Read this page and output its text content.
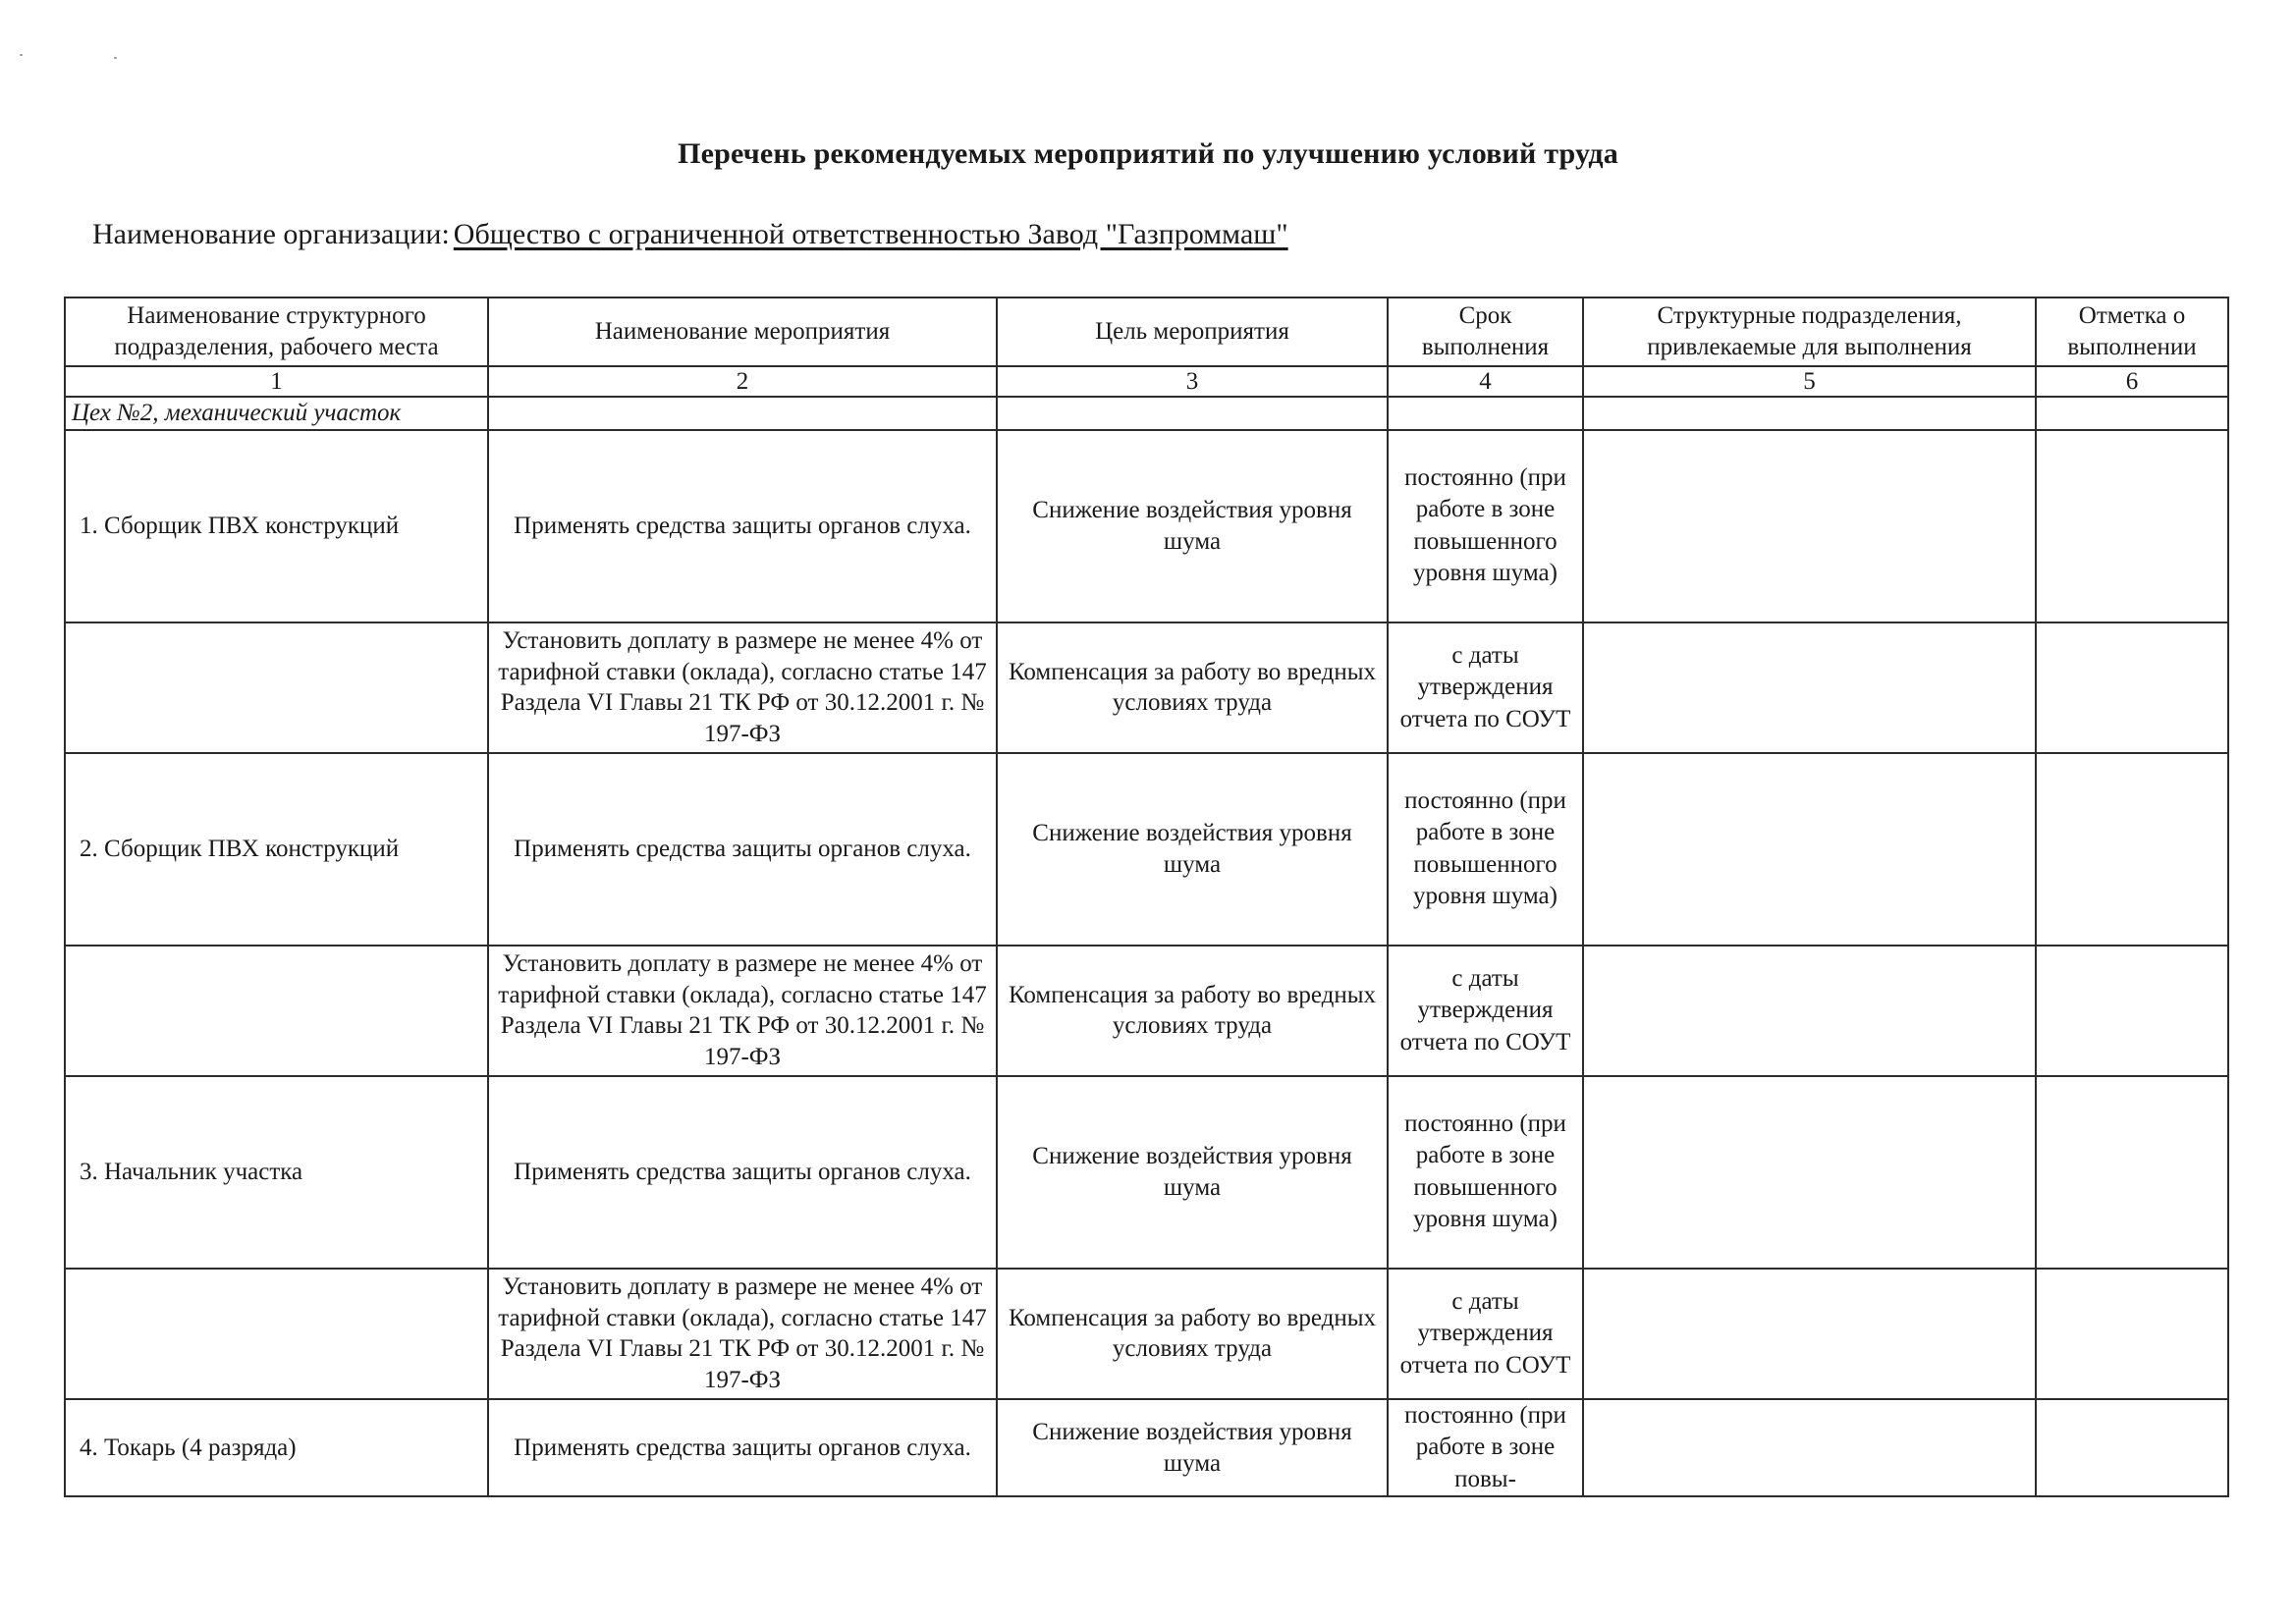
Перечень рекомендуемых мероприятий по улучшению условий труда
Наименование организации: Общество с ограниченной ответственностью Завод "Газпроммаш"
Наименование структурного подразделения, рабочего места	Наименование мероприятия	Цель мероприятия	Срок выполнения	Структурные подразделения, привлекаемые для выполнения	Отметка о выполнении
1	2	3	4	5	6
Цех №2, механический участок					
1. Сборщик ПВХ конструкций	Применять средства защиты органов слуха.	Снижение воздействия уровня шума	постоянно (при работе в зоне повышенного уровня шума)		
	Установить доплату в размере не менее 4% от тарифной ставки (оклада), согласно статье 147 Раздела VI Главы 21 ТК РФ от 30.12.2001 г. № 197-ФЗ	Компенсация за работу во вредных условиях труда	с даты утверждения отчета по СОУТ		
2. Сборщик ПВХ конструкций	Применять средства защиты органов слуха.	Снижение воздействия уровня шума	постоянно (при работе в зоне повышенного уровня шума)		
	Установить доплату в размере не менее 4% от тарифной ставки (оклада), согласно статье 147 Раздела VI Главы 21 ТК РФ от 30.12.2001 г. № 197-ФЗ	Компенсация за работу во вредных условиях труда	с даты утверждения отчета по СОУТ		
3. Начальник участка	Применять средства защиты органов слуха.	Снижение воздействия уровня шума	постоянно (при работе в зоне повышенного уровня шума)		
	Установить доплату в размере не менее 4% от тарифной ставки (оклада), согласно статье 147 Раздела VI Главы 21 ТК РФ от 30.12.2001 г. № 197-ФЗ	Компенсация за работу во вредных условиях труда	с даты утверждения отчета по СОУТ		
4. Токарь (4 разряда)	Применять средства защиты органов слуха.	Снижение воздействия уровня шума	постоянно (при работе в зоне повы-		
